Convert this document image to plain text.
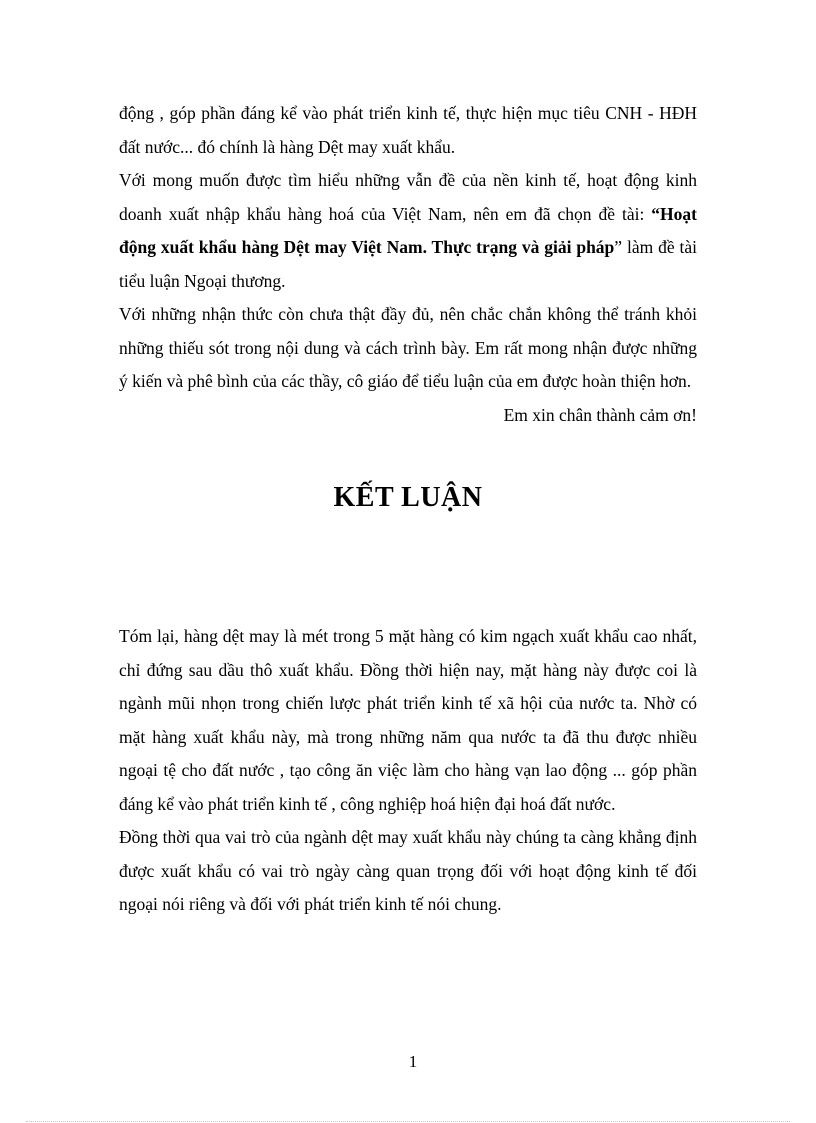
động , góp phần đáng kể vào phát triển kinh tế, thực hiện mục tiêu CNH - HĐH đất nước... đó chính là hàng Dệt may xuất khẩu.

Với mong muốn được tìm hiểu những vẫn đề của nền kinh tế, hoạt động kinh doanh xuất nhập khẩu hàng hoá của Việt Nam, nên em đã chọn đề tài: “Hoạt động xuất khẩu hàng Dệt may Việt Nam. Thực trạng và giải pháp” làm đề tài tiểu luận Ngoại thương.

Với những nhận thức còn chưa thật đầy đủ, nên chắc chắn không thể tránh khỏi những thiếu sót trong nội dung và cách trình bày. Em rất mong nhận được những ý kiến và phê bình của các thầy, cô giáo để tiểu luận của em được hoàn thiện hơn.

Em xin chân thành cảm ơn!

KẾT LUẬN

Tóm lại, hàng dệt may là mét trong 5 mặt hàng có kim ngạch xuất khẩu cao nhất, chỉ đứng sau dầu thô xuất khẩu. Đồng thời hiện nay, mặt hàng này được coi là ngành mũi nhọn trong chiến lược phát triển kinh tế xã hội của nước ta. Nhờ có mặt hàng xuất khẩu này, mà trong những năm qua nước ta đã thu được nhiều ngoại tệ cho đất nước , tạo công ăn việc làm cho hàng vạn lao động ... góp phần đáng kể vào phát triển kinh tế , công nghiệp hoá hiện đại hoá đất nước.

Đồng thời qua vai trò của ngành dệt may xuất khẩu này chúng ta càng khẳng định được xuất khẩu có vai trò ngày càng quan trọng đối với hoạt động kinh tế đối ngoại nói riêng và đối với phát triển kinh tế nói chung.

1
